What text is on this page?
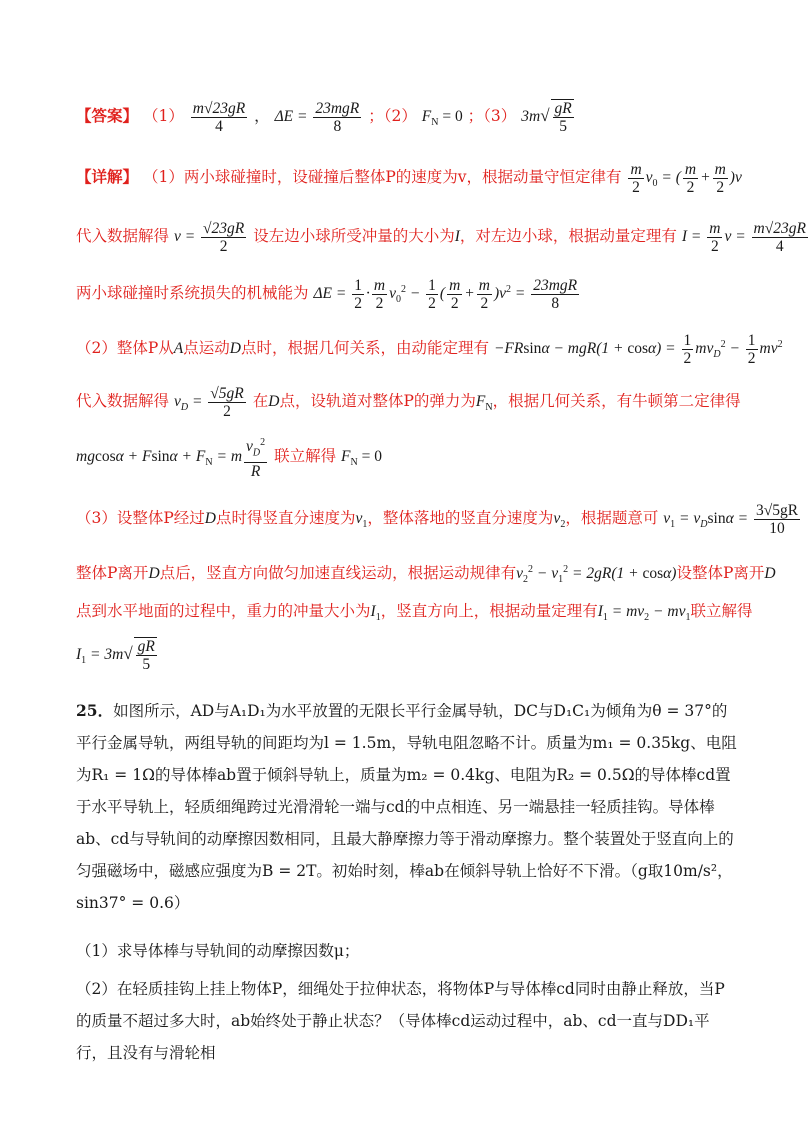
【答案】 $(1) \frac{m√23gR}{4}$ ， $\Delta E = \frac{\text{23mgR}}{8}$ ；（2） $F_N = 0$ ；（3） $3m√ \frac{gR}{5}$
【详解】 （1）两小球碰撞时，设碰撞后整体P的速度为v，根据动量守恒定律有 $\frac{m}{2} v_0$ = ( $\frac{m}{2} + \frac{m}{2} )v$
代入数据解得 $v = \frac{√23gR}{2}$ 设左边小球所受冲量的大小为I，对左边小球，根据动量定理有 $I = \frac{m}{2}$ $v = \frac{m√23gR}{4}$
两小球碰撞时系统损失的机械能为 $\Delta E = \frac{1}{2} \cdot \frac{m}{2} v_0^2 - \frac{1}{2}$ ( $\frac{m}{2} + \frac{m}{2} )v^2 = \frac{\text{23mgR}}{8}$
（2）整体P从A点运动D点时，根据几何关系，由动能定理有 $-FRsin\alpha - mgR(1 + \cos\alpha) = \frac{1}{2} mv_D^2 - \frac{1}{2} mv^2$
代入数据解得 $v_D = \frac{√5gR}{2}$ 在D点，设轨道对整体P的弹力为$F_N$，根据几何关系，有牛顿第二定律得
$mgcos\alpha + Fsin\alpha + F_N = m \frac{v_D^2}{R}$ 联立解得 $F_N = 0$
（3）设整体P经过D点时得竖直分速度为$v_1$，整体落地的竖直分速度为$v_2$，根据题意可 $v_1 = v_D\sin\alpha = \frac{3√5gR}{10}$
整体P离开D点后，竖直方向做匀加速直线运动，根据运动规律有$v_2^2 - v_1^2 = 2gR(1 + \cos\alpha)$设整体P离开D
点到水平地面的过程中，重力的冲量大小为$I_1$，竖直方向上，根据动量定理有$I_1 = mv_2 - mv_1$联立解得
$I_1 = 3m√ \frac{gR}{5}$
25．如图所示，AD与A₁D₁为水平放置的无限长平行金属导轨，DC与D₁C₁为倾角为θ = 37°的平行金属导轨，两组导轨的间距均为l = 1.5m，导轨电阻忽略不计。质量为m₁ = 0.35kg、电阻为R₁ = 1Ω的导体棒ab置于倾斜导轨上，质量为m₂ = 0.4kg、电阻为R₂ = 0.5Ω的导体棒cd置于水平导轨上，轻质细绳跨过光滑滑轮一端与cd的中点相连、另一端悬挂一轻质挂钩。导体棒ab、cd与导轨间的动摩擦因数相同，且最大静摩擦力等于滑动摩擦力。整个装置处于竖直向上的匀强磁场中，磁感应强度为B = 2T。初始时刻，棒ab在倾斜导轨上恰好不下滑。（g取10m/s²，sin37° = 0.6）
（1）求导体棒与导轨间的动摩擦因数μ；
（2）在轻质挂钩上挂上物体P，细绳处于拉伸状态，将物体P与导体棒cd同时由静止释放，当P的质量不超过多大时，ab始终处于静止状态？（导体棒cd运动过程中，ab、cd一直与DD₁平行，且没有与滑轮相
